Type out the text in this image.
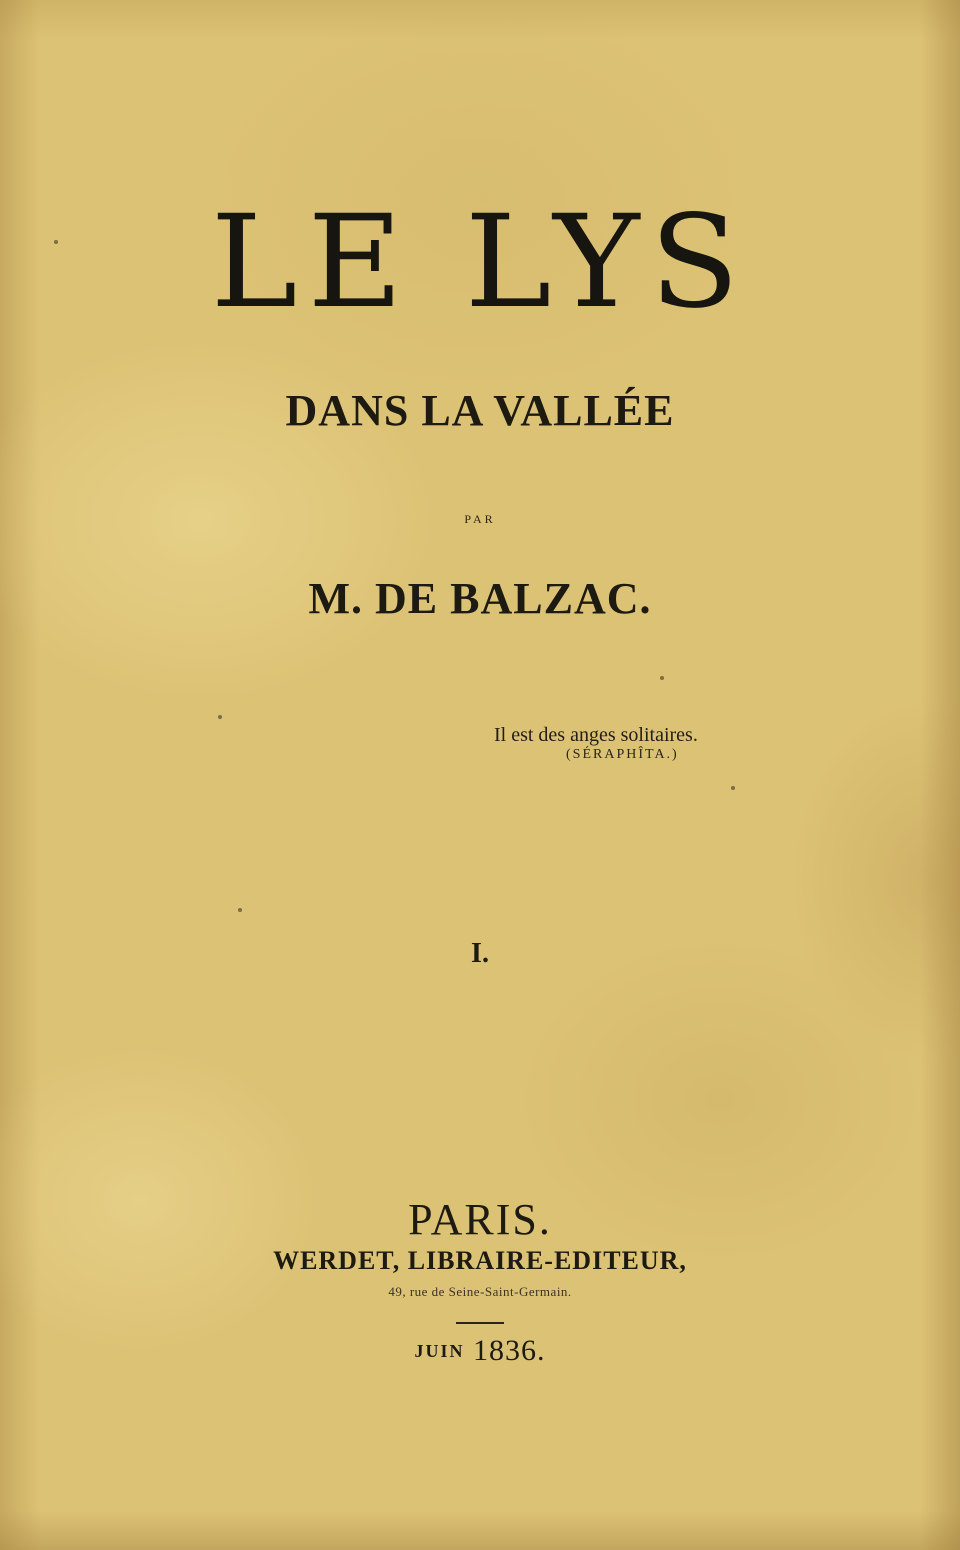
LE LYS
DANS LA VALLÉE

PAR

M. DE BALZAC.

Il est des anges solitaires.

(SÉRAPHÎTA.)

I.

PARIS.

WERDET, LIBRAIRE-EDITEUR,

49, rue de Seine-Saint-Germain.

JUIN 1836.
